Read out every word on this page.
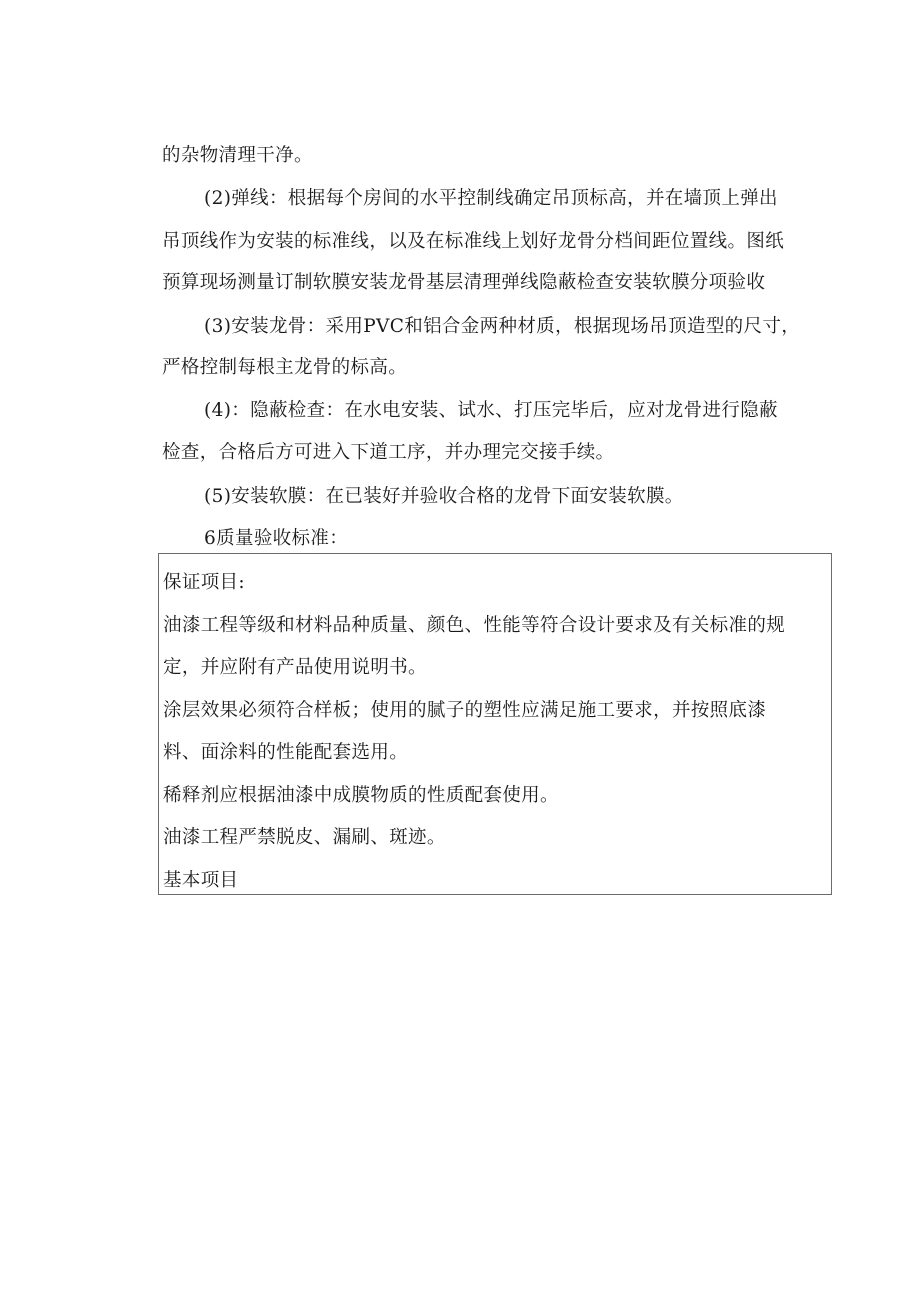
的杂物清理干净。
(2)弹线：根据每个房间的水平控制线确定吊顶标高，并在墙顶上弹出
吊顶线作为安装的标准线，以及在标准线上划好龙骨分档间距位置线。图纸
预算现场测量订制软膜安装龙骨基层清理弹线隐蔽检查安装软膜分项验收
(3)安装龙骨：采用PVC和铝合金两种材质，根据现场吊顶造型的尺寸，
严格控制每根主龙骨的标高。
(4)：隐蔽检查：在水电安装、试水、打压完毕后，应对龙骨进行隐蔽
检查，合格后方可进入下道工序，并办理完交接手续。
(5)安装软膜：在已装好并验收合格的龙骨下面安装软膜。
6质量验收标准：
保证项目:
油漆工程等级和材料品种质量、颜色、性能等符合设计要求及有关标准的规
定，并应附有产品使用说明书。
涂层效果必须符合样板；使用的腻子的塑性应满足施工要求，并按照底漆
料、面涂料的性能配套选用。
稀释剂应根据油漆中成膜物质的性质配套使用。
油漆工程严禁脱皮、漏刷、斑迹。
基本项目
